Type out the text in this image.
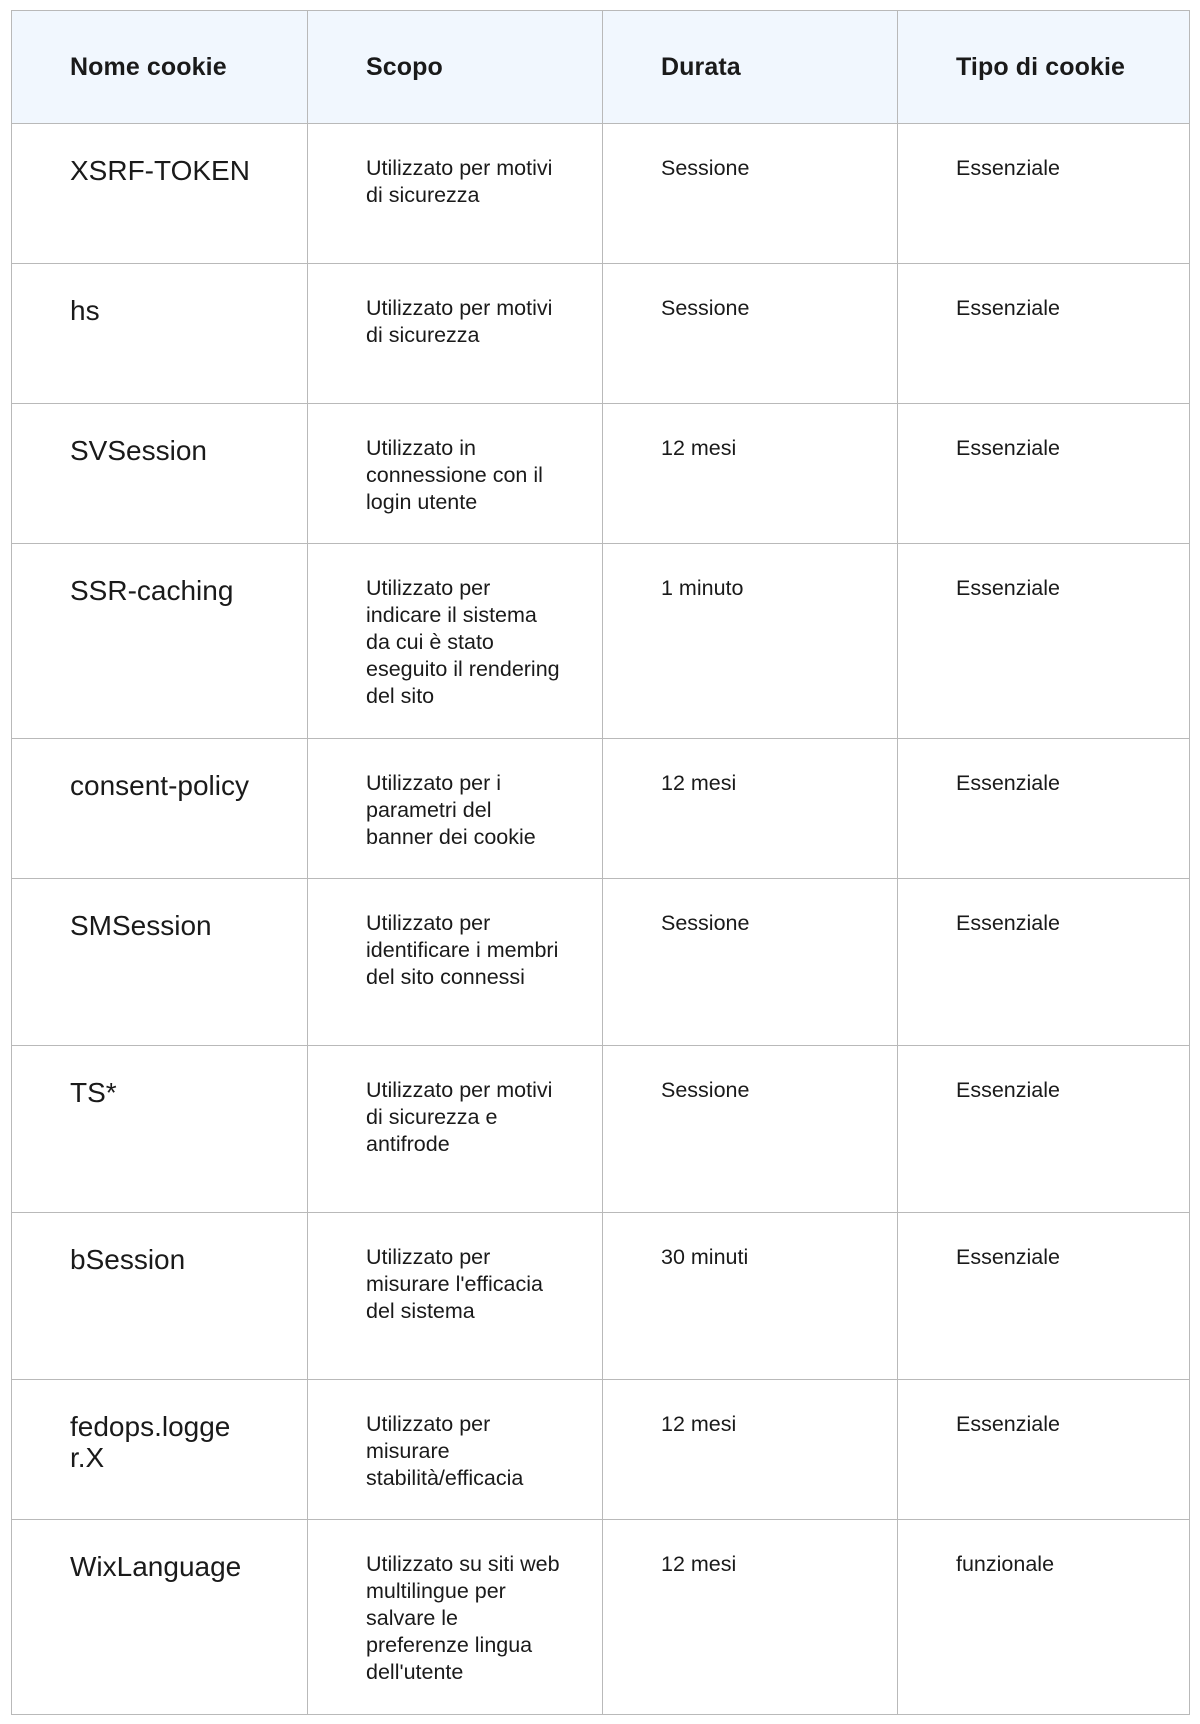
Nome cookie	Scopo	Durata	Tipo di cookie
XSRF-TOKEN	Utilizzato per motivi di sicurezza	Sessione	Essenziale
hs	Utilizzato per motivi di sicurezza	Sessione	Essenziale
SVSession	Utilizzato in connessione con il login utente	12 mesi	Essenziale
SSR-caching	Utilizzato per indicare il sistema da cui è stato eseguito il rendering del sito	1 minuto	Essenziale
consent-policy	Utilizzato per i parametri del banner dei cookie	12 mesi	Essenziale
SMSession	Utilizzato per identificare i membri del sito connessi	Sessione	Essenziale
TS*	Utilizzato per motivi di sicurezza e antifrode	Sessione	Essenziale
bSession	Utilizzato per misurare l'efficacia del sistema	30 minuti	Essenziale

fedops.logger.X	Utilizzato per misurare stabilità/efficacia	12 mesi	Essenziale
WixLanguage	Utilizzato su siti web multilingue per salvare le preferenze lingua dell'utente	12 mesi	funzionale
